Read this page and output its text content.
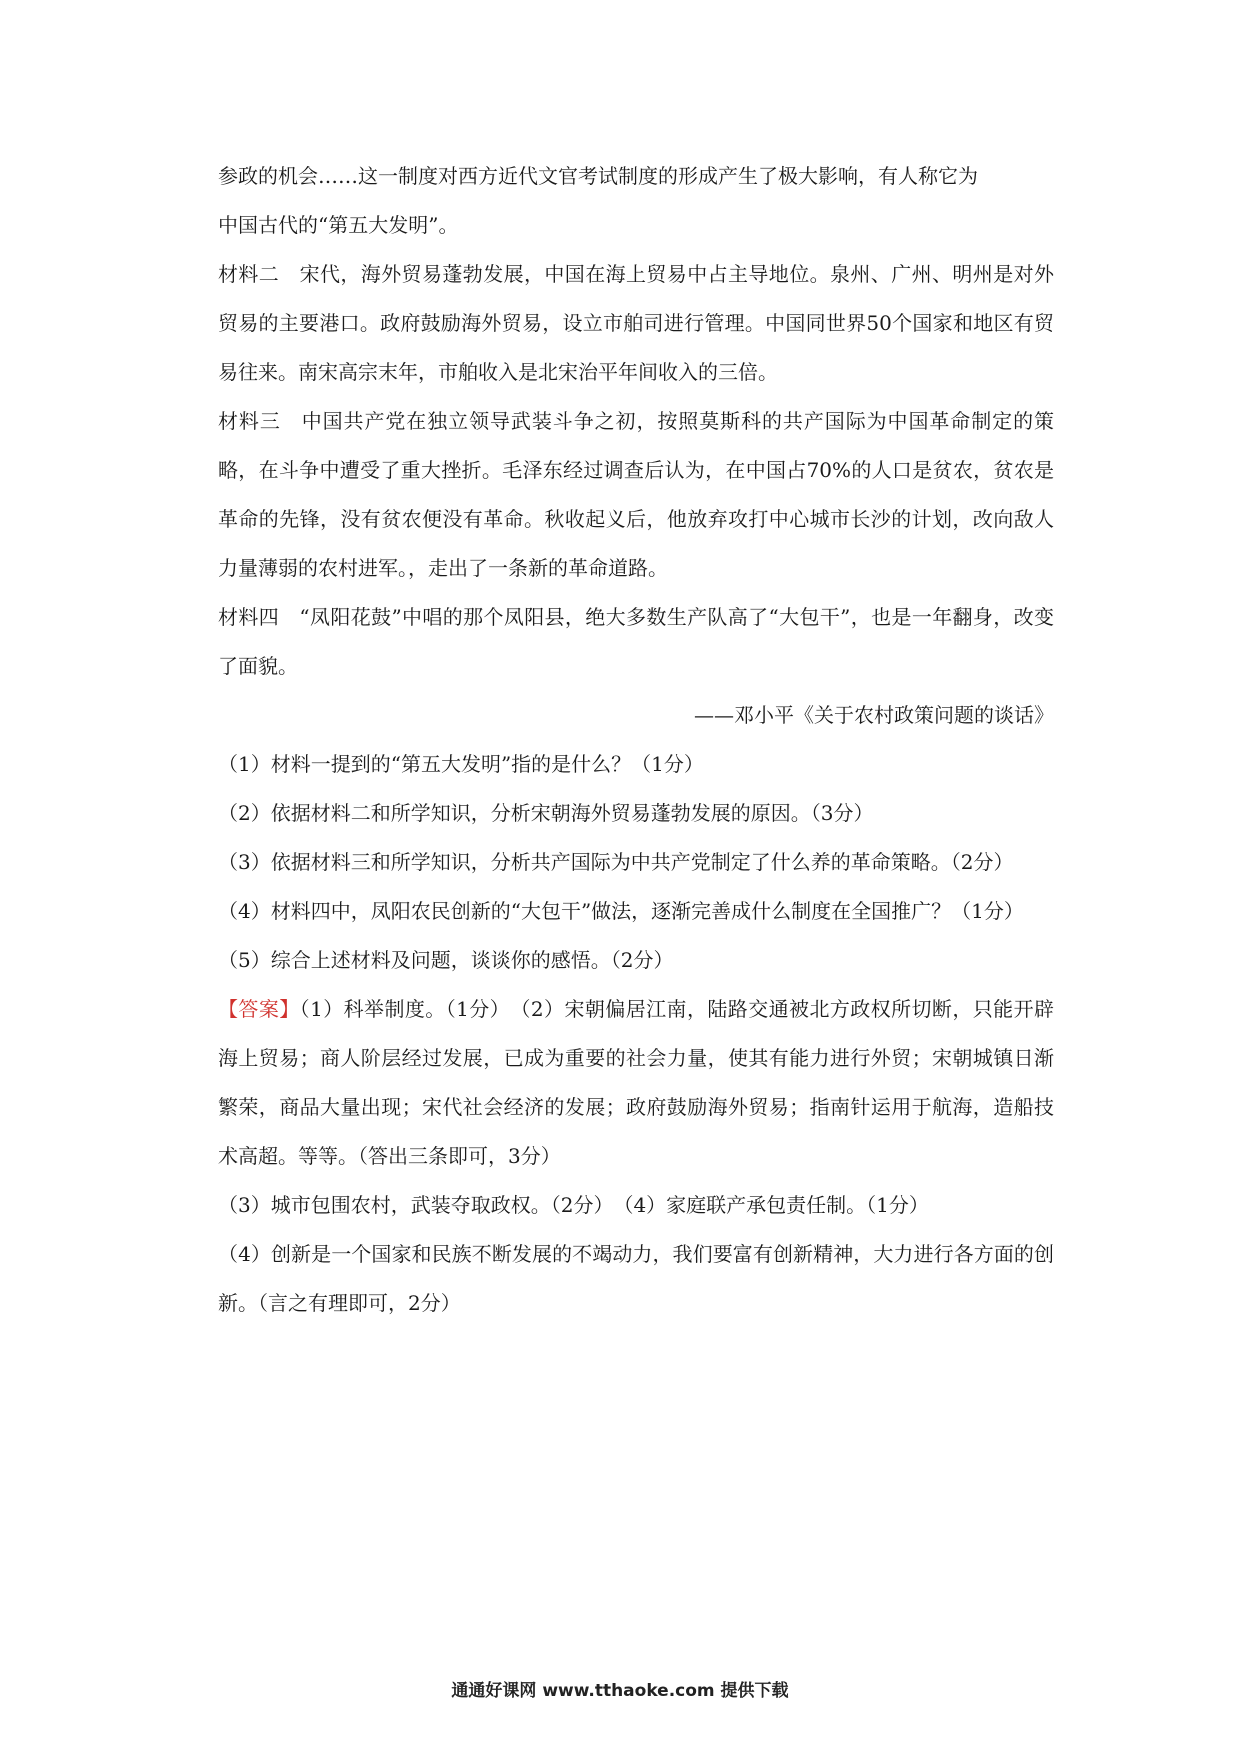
参政的机会……这一制度对西方近代文官考试制度的形成产生了极大影响，有人称它为

中国古代的“第五大发明”。

材料二　宋代，海外贸易蓬勃发展，中国在海上贸易中占主导地位。泉州、广州、明州是对外贸易的主要港口。政府鼓励海外贸易，设立市舶司进行管理。中国同世界50个国家和地区有贸易往来。南宋高宗末年，市舶收入是北宋治平年间收入的三倍。

材料三　中国共产党在独立领导武装斗争之初，按照莫斯科的共产国际为中国革命制定的策略，在斗争中遭受了重大挫折。毛泽东经过调查后认为，在中国占70%的人口是贫农，贫农是革命的先锋，没有贫农便没有革命。秋收起义后，他放弃攻打中心城市长沙的计划，改向敌人力量薄弱的农村进军。，走出了一条新的革命道路。

材料四　“凤阳花鼓”中唱的那个凤阳县，绝大多数生产队高了“大包干”，也是一年翻身，改变了面貌。

——邓小平《关于农村政策问题的谈话》

（1）材料一提到的“第五大发明”指的是什么？（1分）

（2）依据材料二和所学知识，分析宋朝海外贸易蓬勃发展的原因。（3分）

（3）依据材料三和所学知识，分析共产国际为中共产党制定了什么养的革命策略。（2分）

（4）材料四中，凤阳农民创新的“大包干”做法，逐渐完善成什么制度在全国推广？（1分）

（5）综合上述材料及问题，谈谈你的感悟。（2分）

【答案】（1）科举制度。（1分）　（2）宋朝偏居江南，陆路交通被北方政权所切断，只能开辟海上贸易；商人阶层经过发展，已成为重要的社会力量，使其有能力进行外贸；宋朝城镇日渐繁荣，商品大量出现；宋代社会经济的发展；政府鼓励海外贸易；指南针运用于航海，造船技术高超。等等。（答出三条即可，3分）

（3）城市包围农村，武装夺取政权。（2分）　（4）家庭联产承包责任制。（1分）

（4）创新是一个国家和民族不断发展的不竭动力，我们要富有创新精神，大力进行各方面的创新。（言之有理即可，2分）

通通好课网 www.tthaoke.com 提供下载
